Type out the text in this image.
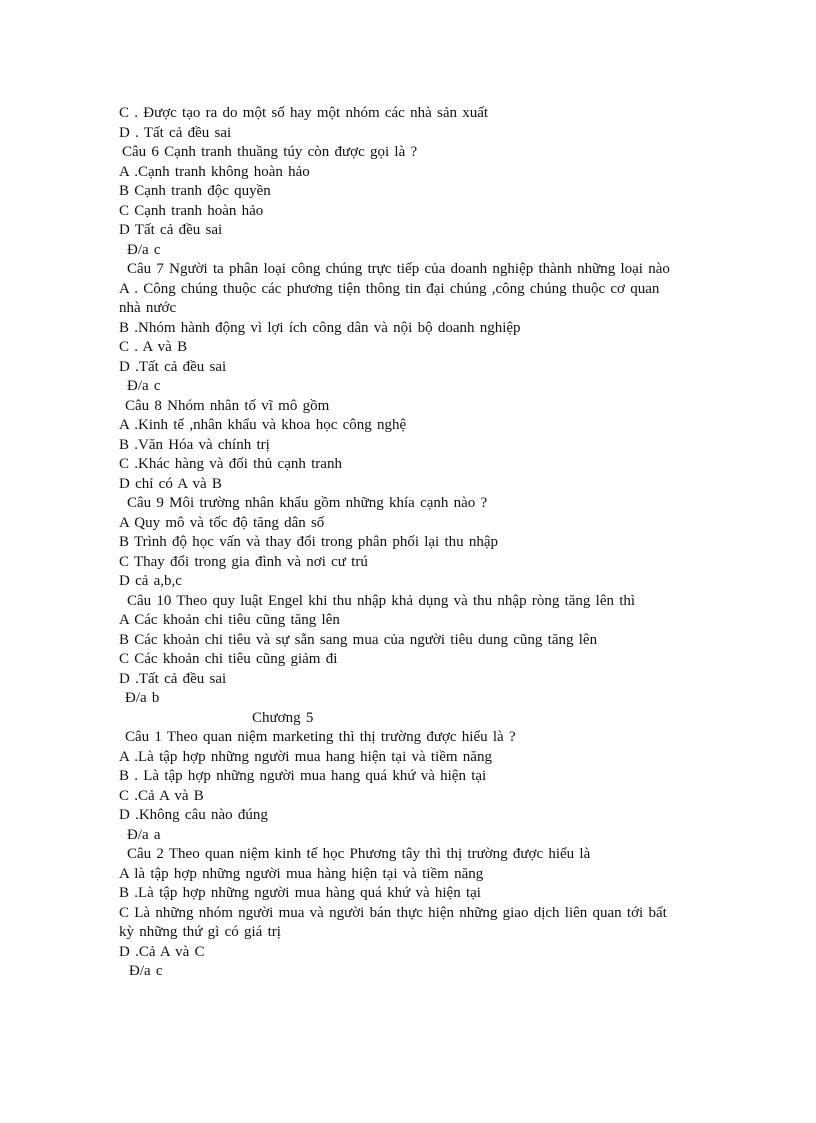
C . Được tạo ra do một số hay một nhóm các nhà sản xuất
D . Tất cả đều sai
Câu 6 Cạnh tranh thuầng túy còn được gọi là ?
A .Cạnh tranh không hoàn hảo
B Cạnh tranh độc quyền
C Cạnh tranh hoàn hảo
D Tất cả đều sai
Đ/a c
Câu 7 Người ta phân loại công chúng trực tiếp của doanh nghiệp thành những loại nào
A . Công chúng thuộc các phương tiện thông tin đại chúng ,công chúng thuộc cơ quan
nhà nước
B .Nhóm hành động vì lợi ích công dân và nội bộ doanh nghiệp
C . A và B
D .Tất cả đều sai
Đ/a c
Câu 8 Nhóm nhân tố vĩ mô gồm
A .Kinh tế ,nhân khẩu và khoa học công nghệ
B .Văn Hóa và chính trị
C .Khác hàng và đối thủ cạnh tranh
D chỉ có A và B
Câu 9 Môi trường nhân khẩu gồm những khía cạnh nào ?
A Quy mô và tốc độ tăng dân số
B Trình độ học vấn và thay đổi trong phân phối lại thu nhập
C Thay đổi trong gia đình và nơi cư trú
D cả a,b,c
Câu 10 Theo quy luật Engel khi thu nhập khả dụng và thu nhập ròng tăng lên thì
A Các khoản chi tiêu cũng tăng lên
B Các khoản chi tiêu và sự sẵn sang mua của người tiêu dung cũng tăng lên
C Các khoản chi tiêu cũng giảm đi
D .Tất cả đều sai
Đ/a b
Chương 5
Câu 1 Theo quan niệm marketing thì thị trường được hiểu là ?
A .Là tập hợp những người mua hang hiện tại và tiềm năng
B . Là tập hợp những người mua hang quá khứ và hiện tại
C .Cả A và B
D .Không câu nào đúng
Đ/a a
Câu 2 Theo quan niệm kinh tế học Phương tây thì thị trường được hiểu là
A là tập hợp những người mua hàng hiện tại và tiềm năng
B .Là tập hợp những người mua hàng quá khứ và hiện tại
C Là những nhóm người mua và người bán thực hiện những giao dịch liên quan tới bất
kỳ những thứ gì có giá trị
D .Cả A và C
Đ/a c
